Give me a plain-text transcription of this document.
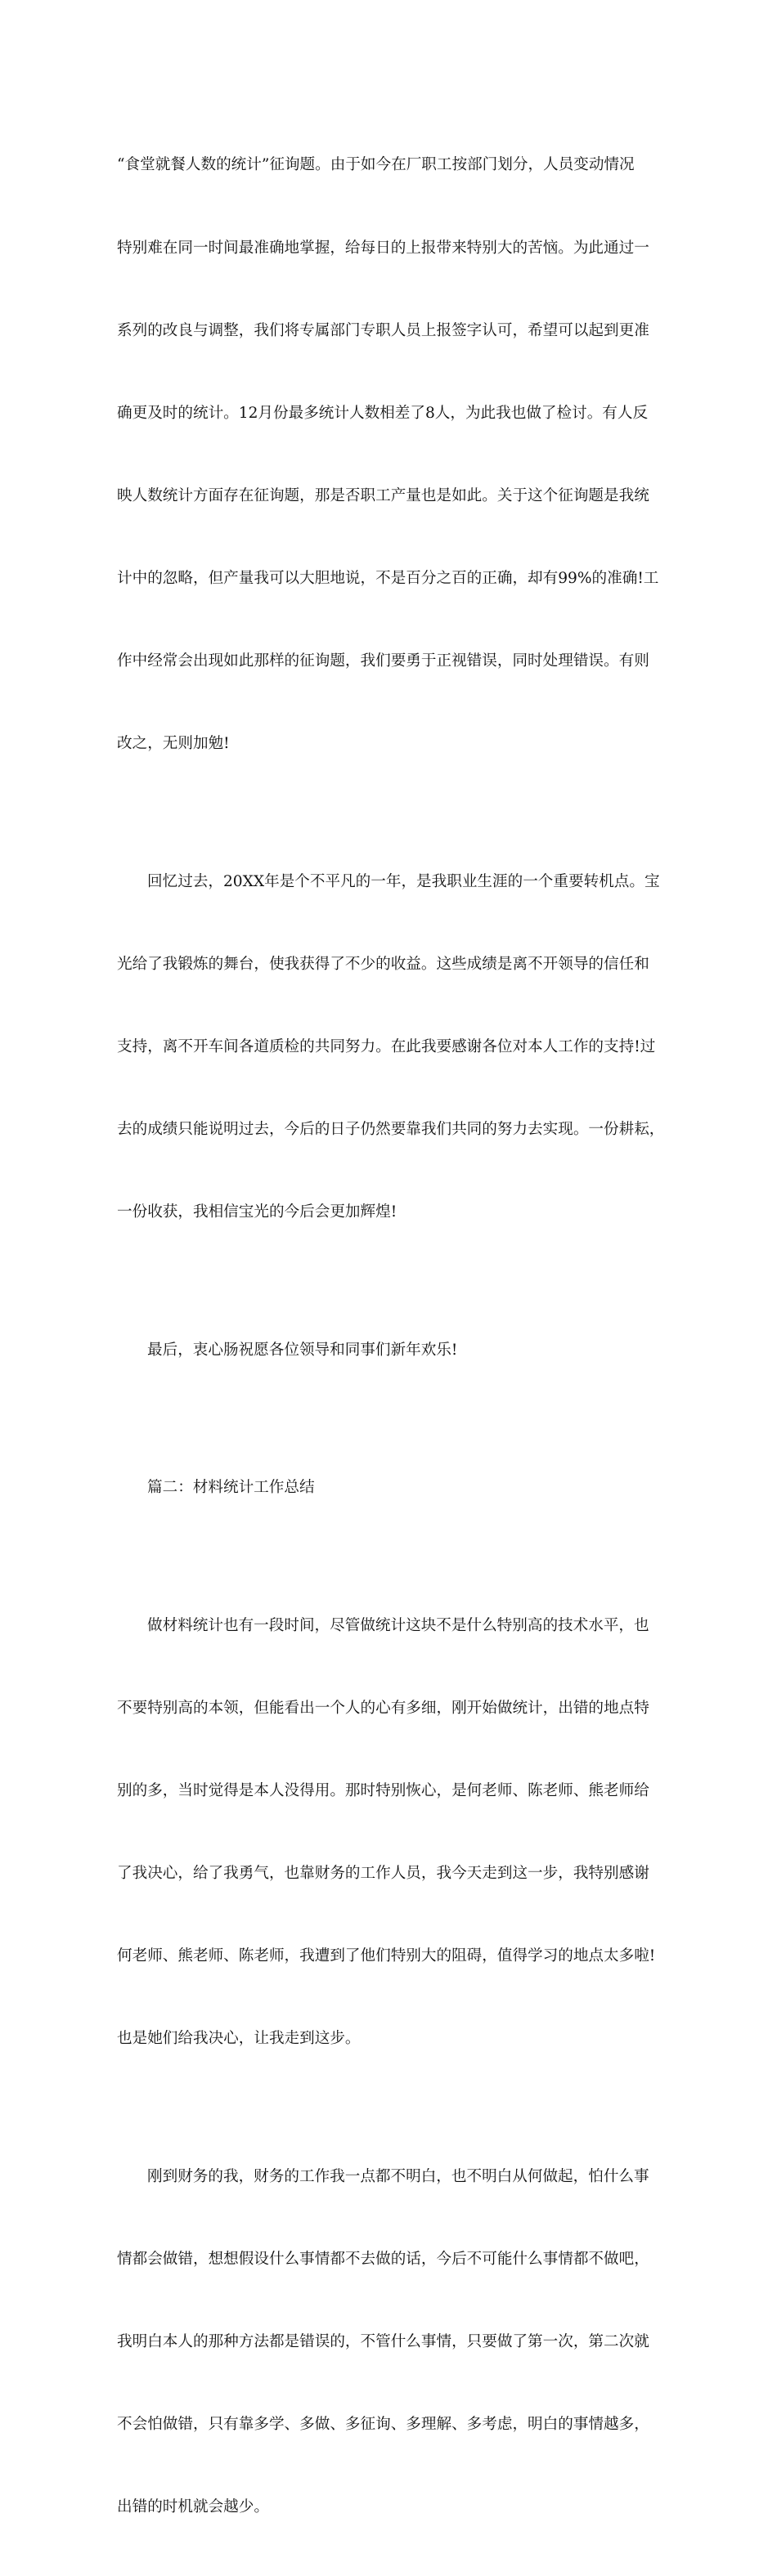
“食堂就餐人数的统计”征询题。由于如今在厂职工按部门划分，人员变动情况

特别难在同一时间最准确地掌握，给每日的上报带来特别大的苦恼。为此通过一

系列的改良与调整，我们将专属部门专职人员上报签字认可，希望可以起到更准

确更及时的统计。12月份最多统计人数相差了8人，为此我也做了检讨。有人反

映人数统计方面存在征询题，那是否职工产量也是如此。关于这个征询题是我统

计中的忽略，但产量我可以大胆地说，不是百分之百的正确，却有99%的准确!工

作中经常会出现如此那样的征询题，我们要勇于正视错误，同时处理错误。有则

改之，无则加勉!

回忆过去，20XX年是个不平凡的一年，是我职业生涯的一个重要转机点。宝

光给了我锻炼的舞台，使我获得了不少的收益。这些成绩是离不开领导的信任和

支持，离不开车间各道质检的共同努力。在此我要感谢各位对本人工作的支持!过

去的成绩只能说明过去，今后的日子仍然要靠我们共同的努力去实现。一份耕耘，

一份收获，我相信宝光的今后会更加辉煌!

最后，衷心肠祝愿各位领导和同事们新年欢乐!

篇二：材料统计工作总结

做材料统计也有一段时间，尽管做统计这块不是什么特别高的技术水平，也

不要特别高的本领，但能看出一个人的心有多细，刚开始做统计，出错的地点特

别的多，当时觉得是本人没得用。那时特别恢心，是何老师、陈老师、熊老师给

了我决心，给了我勇气，也靠财务的工作人员，我今天走到这一步，我特别感谢

何老师、熊老师、陈老师，我遭到了他们特别大的阻碍，值得学习的地点太多啦!

也是她们给我决心，让我走到这步。

刚到财务的我，财务的工作我一点都不明白，也不明白从何做起，怕什么事

情都会做错，想想假设什么事情都不去做的话，今后不可能什么事情都不做吧，

我明白本人的那种方法都是错误的，不管什么事情，只要做了第一次，第二次就

不会怕做错，只有靠多学、多做、多征询、多理解、多考虑，明白的事情越多，

出错的时机就会越少。
